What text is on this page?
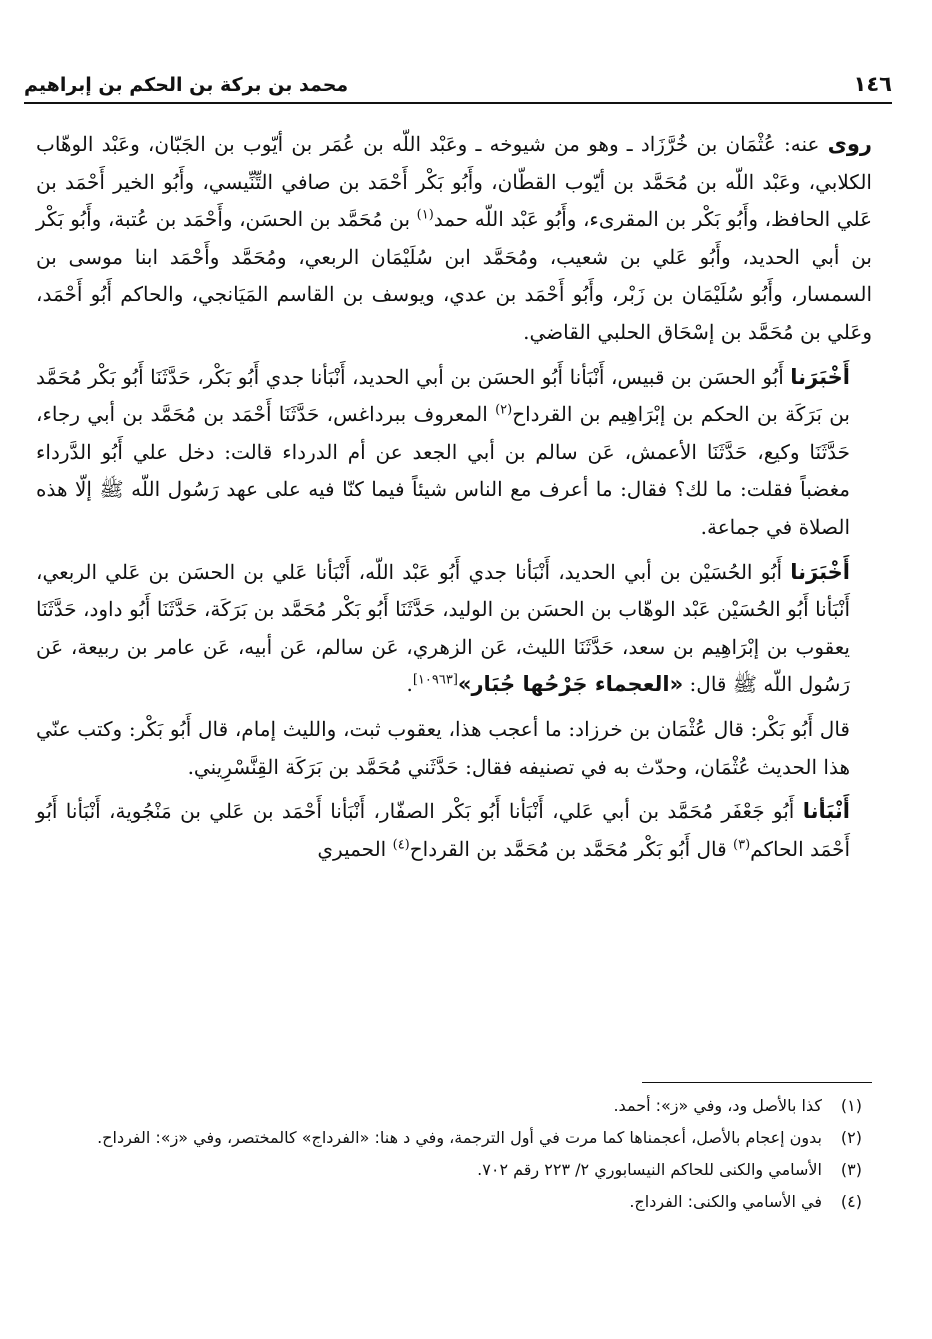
١٤٦
محمد بن بركة بن الحكم بن إبراهيم

روى عنه: عُثْمَان بن خُرَّزَاد ـ وهو من شيوخه ـ وعَبْد اللّه بن عُمَر بن أيّوب بن الجَبّان، وعَبْد الوهّاب الكلابي، وعَبْد اللّه بن مُحَمَّد بن أيّوب القطّان، وأَبُو بَكْر أَحْمَد بن صافي التِّنِّيسي، وأَبُو الخير أَحْمَد بن عَلي الحافظ، وأَبُو بَكْر بن المقرىء، وأَبُو عَبْد اللّه حمد$^{(١)}$ بن مُحَمَّد بن الحسَن، وأَحْمَد بن عُتبة، وأَبُو بَكْر بن أبي الحديد، وأَبُو عَلي بن شعيب، ومُحَمَّد ابن سُلَيْمَان الربعي، ومُحَمَّد وأَحْمَد ابنا موسى بن السمسار، وأَبُو سُلَيْمَان بن زَبْر، وأَبُو أَحْمَد بن عدي، ويوسف بن القاسم المَيَانجي، والحاكم أَبُو أَحْمَد، وعَلي بن مُحَمَّد بن إسْحَاق الحلبي القاضي.

أَخْبَرَنا أَبُو الحسَن بن قبيس، أَنْبَأنا أَبُو الحسَن بن أبي الحديد، أَنْبَأنا جدي أَبُو بَكْر، حَدَّثَنَا أَبُو بَكْر مُحَمَّد بن بَرَكَة بن الحكم بن إبْرَاهِيم بن القرداح$^{(٢)}$ المعروف ببرداغس، حَدَّثَنَا أَحْمَد بن مُحَمَّد بن أبي رجاء، حَدَّثَنَا وكيع، حَدَّثَنَا الأعمش، عَن سالم بن أبي الجعد عن أم الدرداء قالت: دخل علي أَبُو الدَّرداء مغضباً فقلت: ما لك؟ فقال: ما أعرف مع الناس شيئاً فيما كنّا فيه على عهد رَسُول اللّه ﷺ إلّا هذه الصلاة في جماعة.

أَخْبَرَنا أَبُو الحُسَيْن بن أبي الحديد، أَنْبَأنا جدي أَبُو عَبْد اللّه، أَنْبَأنا عَلي بن الحسَن بن عَلي الربعي، أَنْبَأنا أَبُو الحُسَيْن عَبْد الوهّاب بن الحسَن بن الوليد، حَدَّثَنَا أَبُو بَكْر مُحَمَّد بن بَرَكَة، حَدَّثَنَا أَبُو داود، حَدَّثَنَا يعقوب بن إبْرَاهِيم بن سعد، حَدَّثَنَا الليث، عَن الزهري، عَن سالم، عَن أبيه، عَن عامر بن ربيعة، عَن رَسُول اللّه ﷺ قال: «العجماء جَرْحُها جُبَار»[١٠٩٦٣].

قال أَبُو بَكْر: قال عُثْمَان بن خرزاد: ما أعجب هذا، يعقوب ثبت، والليث إمام، قال أَبُو بَكْر: وكتب عنّي هذا الحديث عُثْمَان، وحدّث به في تصنيفه فقال: حَدَّثَني مُحَمَّد بن بَرَكَة القِنَّسْرِيني.

أَنْبَأنا أَبُو جَعْفَر مُحَمَّد بن أبي عَلي، أَنْبَأنا أَبُو بَكْر الصفّار، أَنْبَأنا أَحْمَد بن عَلي بن مَنْجُوية، أَنْبَأنا أَبُو أَحْمَد الحاكم$^{(٣)}$ قال أَبُو بَكْر مُحَمَّد بن مُحَمَّد بن القرداح$^{(٤)}$ الحميري

(١)
كذا بالأصل ود، وفي «ز»: أحمد.
(٢)
بدون إعجام بالأصل، أعجمناها كما مرت في أول الترجمة، وفي د هنا: «الفرداج» كالمختصر، وفي «ز»: الفرداح.
(٣)
الأسامي والكنى للحاكم النيسابوري ٢/ ٢٢٣ رقم ٧٠٢.
(٤)
في الأسامي والكنى: الفرداج.
